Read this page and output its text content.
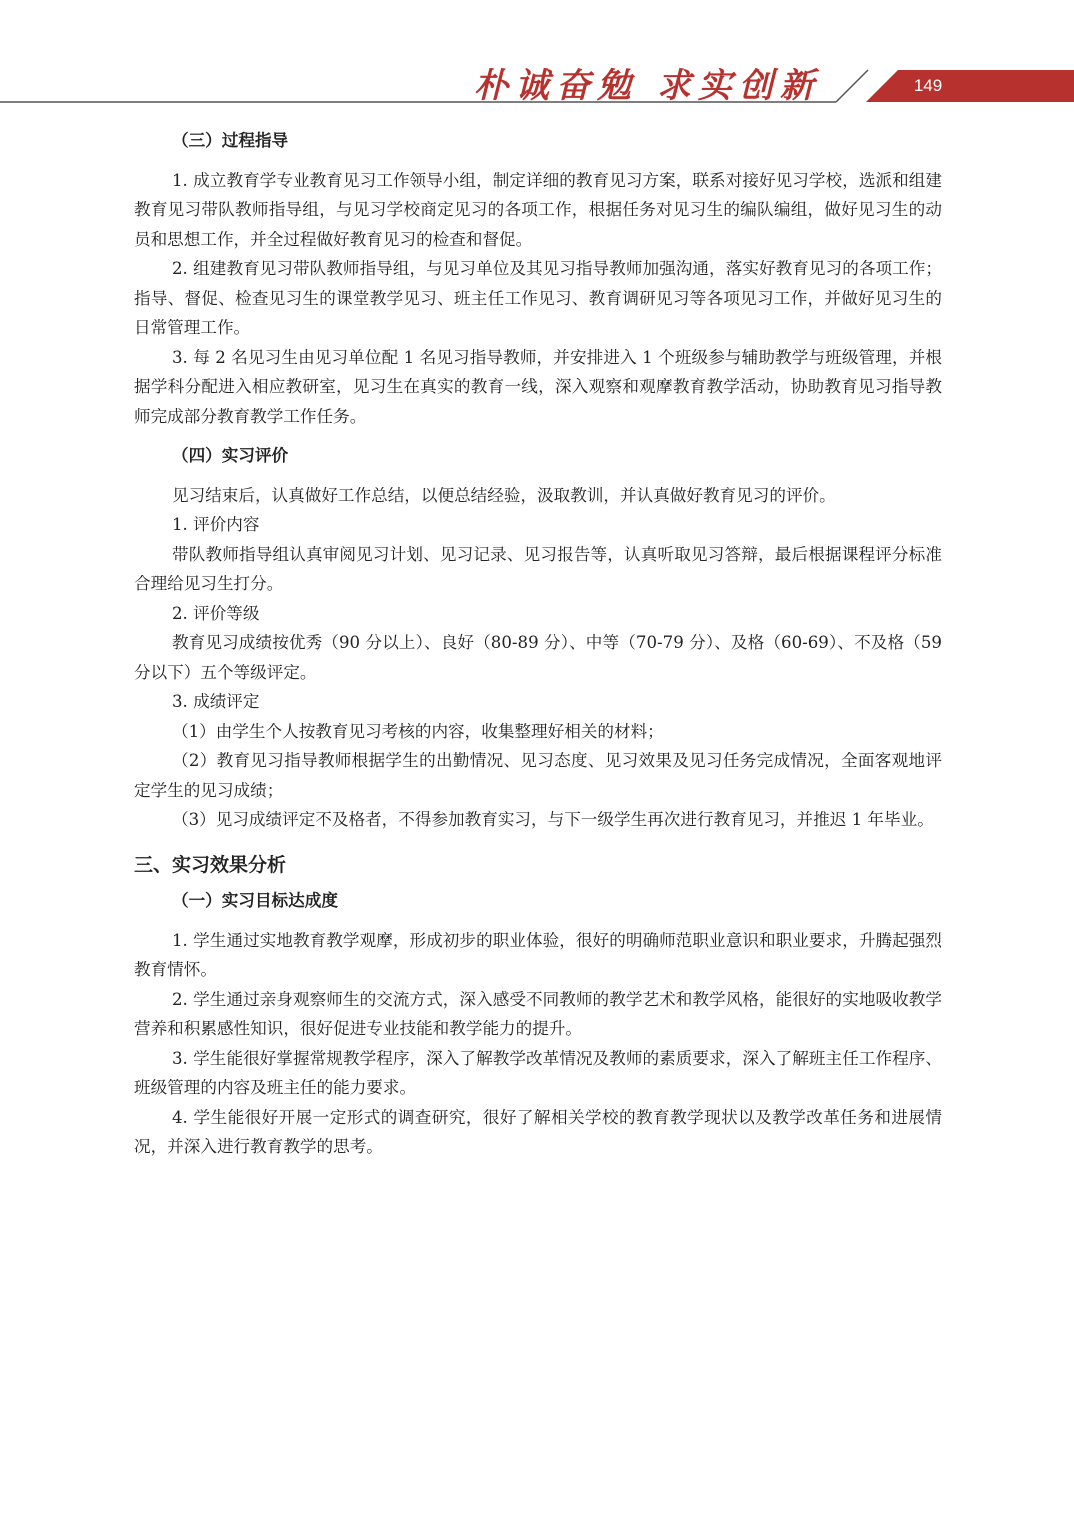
朴诚奋勉 求实创新	149

（三）过程指导

1. 成立教育学专业教育见习工作领导小组，制定详细的教育见习方案，联系对接好见习学校，选派和组建教育见习带队教师指导组，与见习学校商定见习的各项工作，根据任务对见习生的编队编组，做好见习生的动员和思想工作，并全过程做好教育见习的检查和督促。

2. 组建教育见习带队教师指导组，与见习单位及其见习指导教师加强沟通，落实好教育见习的各项工作；指导、督促、检查见习生的课堂教学见习、班主任工作见习、教育调研见习等各项见习工作，并做好见习生的日常管理工作。

3. 每 2 名见习生由见习单位配 1 名见习指导教师，并安排进入 1 个班级参与辅助教学与班级管理，并根据学科分配进入相应教研室，见习生在真实的教育一线，深入观察和观摩教育教学活动，协助教育见习指导教师完成部分教育教学工作任务。

（四）实习评价

见习结束后，认真做好工作总结，以便总结经验，汲取教训，并认真做好教育见习的评价。

1. 评价内容

带队教师指导组认真审阅见习计划、见习记录、见习报告等，认真听取见习答辩，最后根据课程评分标准合理给见习生打分。

2. 评价等级

教育见习成绩按优秀（90 分以上）、良好（80-89 分）、中等（70-79 分）、及格（60-69）、不及格（59 分以下）五个等级评定。

3. 成绩评定

（1）由学生个人按教育见习考核的内容，收集整理好相关的材料；

（2）教育见习指导教师根据学生的出勤情况、见习态度、见习效果及见习任务完成情况，全面客观地评定学生的见习成绩；

（3）见习成绩评定不及格者，不得参加教育实习，与下一级学生再次进行教育见习，并推迟 1 年毕业。

三、实习效果分析

（一）实习目标达成度

1. 学生通过实地教育教学观摩，形成初步的职业体验，很好的明确师范职业意识和职业要求，升腾起强烈教育情怀。

2. 学生通过亲身观察师生的交流方式，深入感受不同教师的教学艺术和教学风格，能很好的实地吸收教学营养和积累感性知识，很好促进专业技能和教学能力的提升。

3. 学生能很好掌握常规教学程序，深入了解教学改革情况及教师的素质要求，深入了解班主任工作程序、班级管理的内容及班主任的能力要求。

4. 学生能很好开展一定形式的调查研究，很好了解相关学校的教育教学现状以及教学改革任务和进展情况，并深入进行教育教学的思考。
